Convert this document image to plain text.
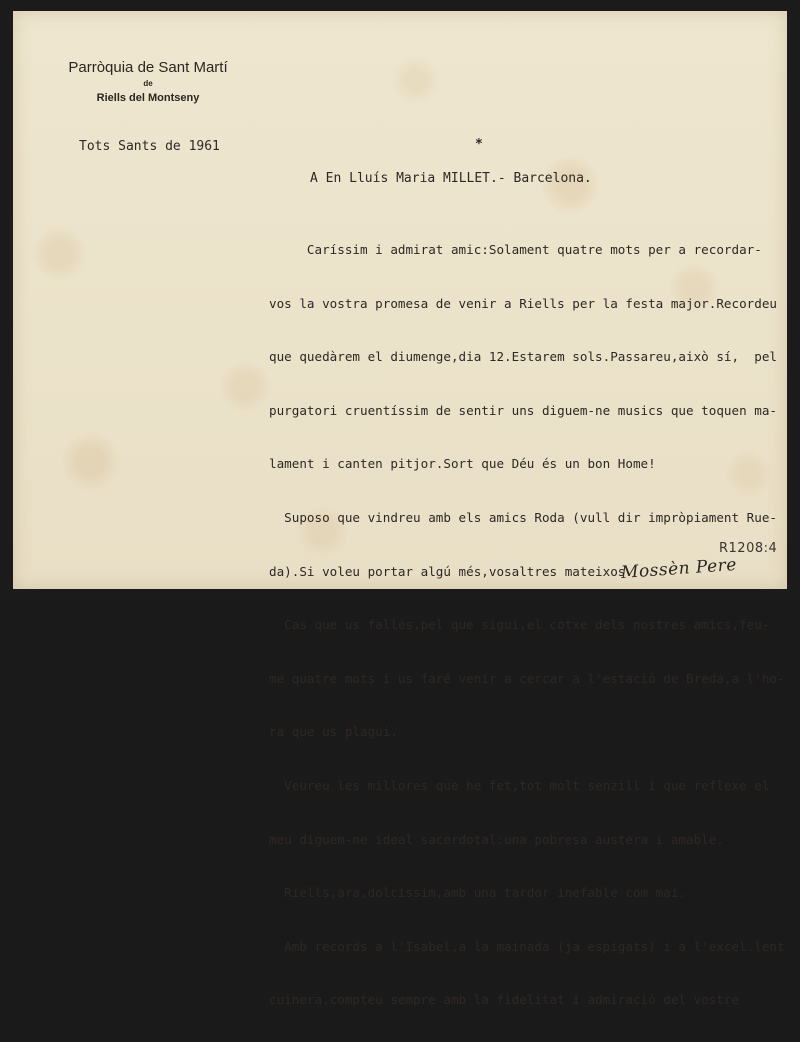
Parròquia de Sant Martí
de
Riells del Montseny
Tots Sants de 1961	*
A En Lluís Maria MILLET.- Barcelona.

Caríssim i admirat amic:Solament quatre mots per a recordar-

vos la vostra promesa de venir a Riells per la festa major.Recordeu

que quedàrem el diumenge,dia 12.Estarem sols.Passareu,això sí,  pel

purgatori cruentíssim de sentir uns diguem-ne musics que toquen ma-

lament i canten pitjor.Sort que Déu és un bon Home!

Suposo que vindreu amb els amics Roda (vull dir impròpiament Rue-

da).Si voleu portar algú més,vosaltres mateixos.

Cas que us fallés,pel que sigui,el cotxe dels nostres amics,feu-

me quatre mots i us faré venir a cercar a l'estació de Breda,a l'ho-

ra que us plagui.

Veureu les millores que he fet,tot molt senzill i que reflexe el

meu diguem-ne ideal sacerdotal:una pobresa austera i amable.

Riells,ara,dolcíssim,amb una tardor inefable com mai.

Amb records a l'Isabel,a la mainada (ja espigats) i a l'excel.lent

cuinera,compteu sempre amb la fidelitat i admiració del vostre

R1208:4
Mossèn Pere
